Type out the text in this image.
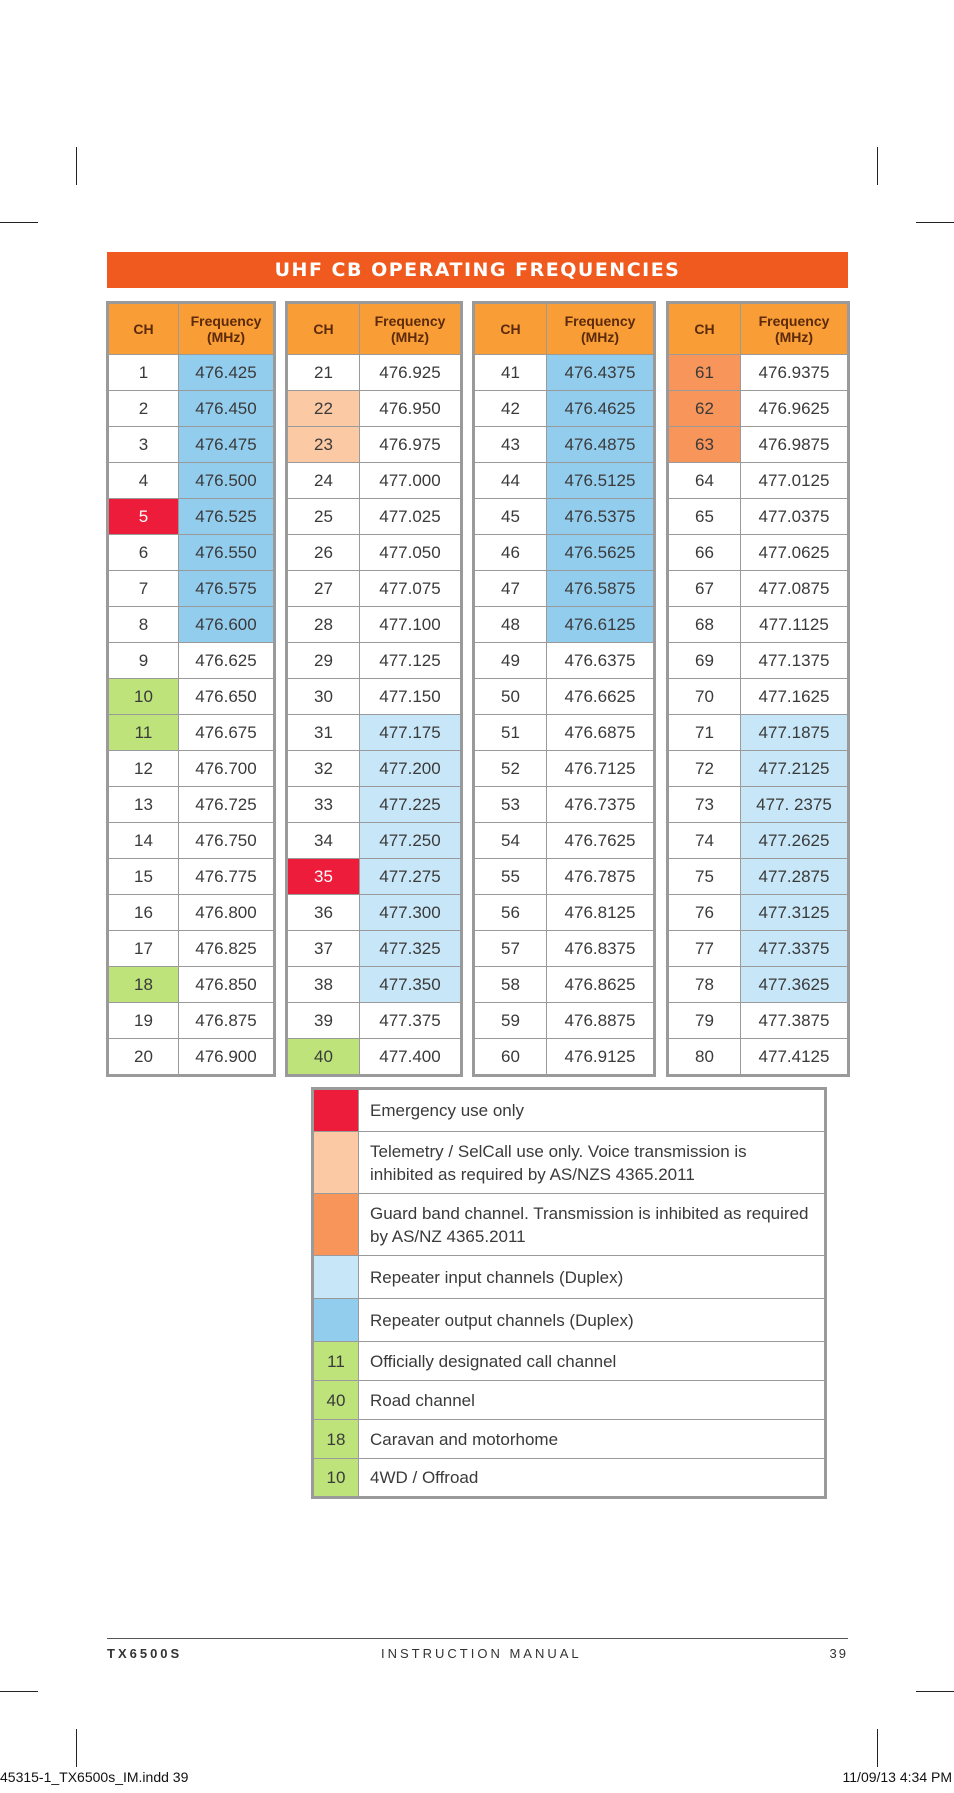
UHF CB OPERATING FREQUENCIES
CH	Frequency (MHz)
1	476.425
2	476.450
3	476.475
4	476.500
5	476.525
6	476.550
7	476.575
8	476.600
9	476.625
10	476.650
11	476.675
12	476.700
13	476.725
14	476.750
15	476.775
16	476.800
17	476.825
18	476.850
19	476.875
20	476.900
CH	Frequency (MHz)
21	476.925
22	476.950
23	476.975
24	477.000
25	477.025
26	477.050
27	477.075
28	477.100
29	477.125
30	477.150
31	477.175
32	477.200
33	477.225
34	477.250
35	477.275
36	477.300
37	477.325
38	477.350
39	477.375
40	477.400
CH	Frequency (MHz)
41	476.4375
42	476.4625
43	476.4875
44	476.5125
45	476.5375
46	476.5625
47	476.5875
48	476.6125
49	476.6375
50	476.6625
51	476.6875
52	476.7125
53	476.7375
54	476.7625
55	476.7875
56	476.8125
57	476.8375
58	476.8625
59	476.8875
60	476.9125
CH	Frequency (MHz)
61	476.9375
62	476.9625
63	476.9875
64	477.0125
65	477.0375
66	477.0625
67	477.0875
68	477.1125
69	477.1375
70	477.1625
71	477.1875
72	477.2125
73	477. 2375
74	477.2625
75	477.2875
76	477.3125
77	477.3375
78	477.3625
79	477.3875
80	477.4125
	Emergency use only
	Telemetry / SelCall use only. Voice transmission is inhibited as required by AS/NZS 4365.2011
	Guard band channel. Transmission is inhibited as required by AS/NZ 4365.2011
	Repeater input channels (Duplex)
	Repeater output channels (Duplex)
11	Officially designated call channel
40	Road channel
18	Caravan and motorhome
10	4WD / Offroad
TX6500S	INSTRUCTION MANUAL	39
45315-1_TX6500s_IM.indd 39	11/09/13 4:34 PM
